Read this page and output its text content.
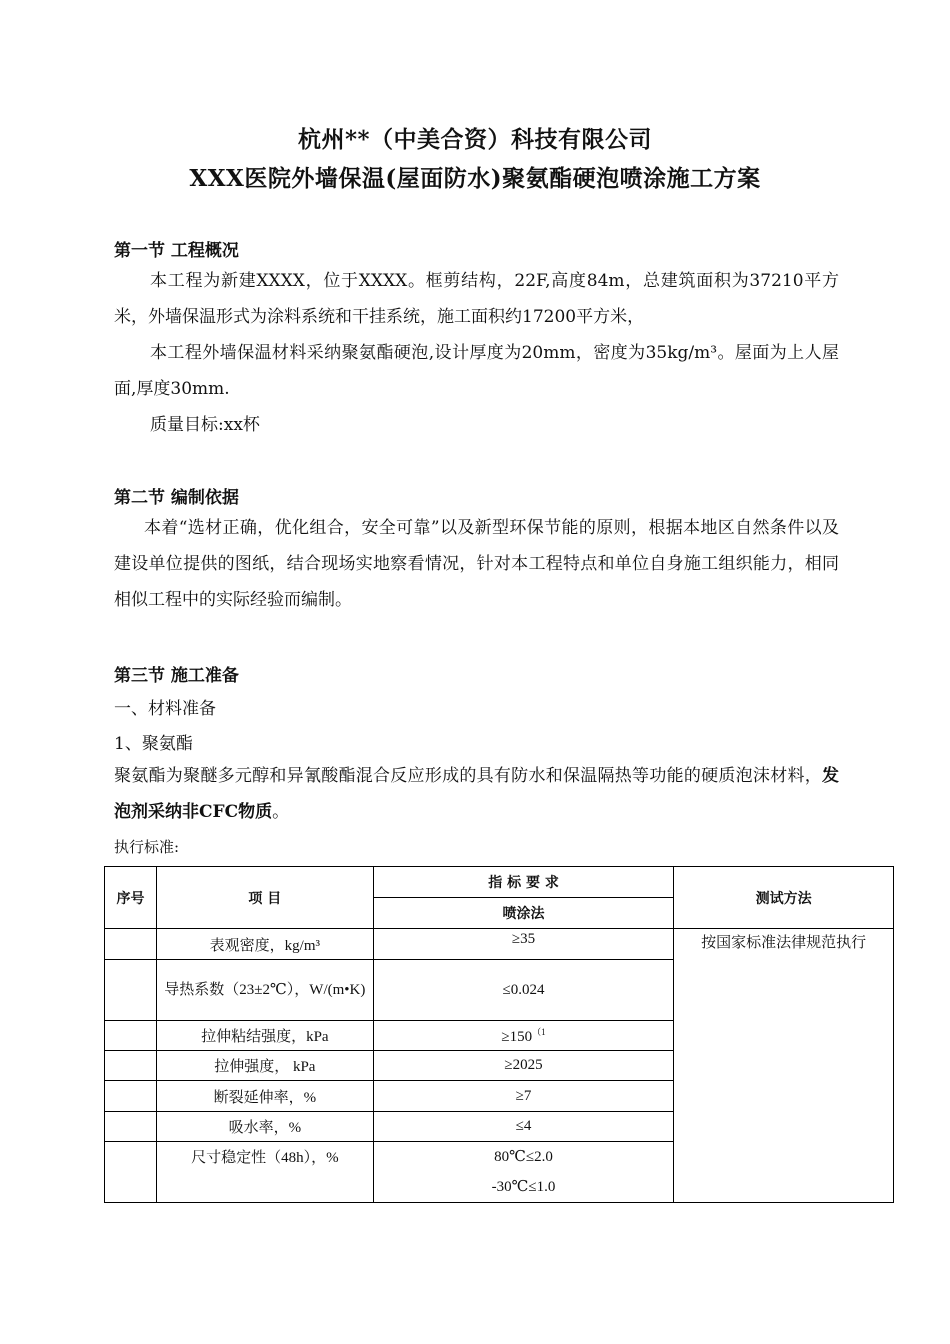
杭州**（中美合资）科技有限公司
XXX医院外墙保温(屋面防水)聚氨酯硬泡喷涂施工方案
第一节 工程概况
本工程为新建XXXX，位于XXXX。框剪结构，22F,高度84m，总建筑面积为37210平方米，外墙保温形式为涂料系统和干挂系统，施工面积约17200平方米，
本工程外墙保温材料采纳聚氨酯硬泡,设计厚度为20mm，密度为35kg/m³。屋面为上人屋面,厚度30mm.
质量目标:xx杯
第二节 编制依据
本着“选材正确，优化组合，安全可靠”以及新型环保节能的原则，根据本地区自然条件以及建设单位提供的图纸，结合现场实地察看情况，针对本工程特点和单位自身施工组织能力，相同相似工程中的实际经验而编制。
第三节 施工准备
一、材料准备
1、聚氨酯
聚氨酯为聚醚多元醇和异氰酸酯混合反应形成的具有防水和保温隔热等功能的硬质泡沫材料，发泡剂采纳非CFC物质。
执行标准:
序号	项 目	指 标 要 求	测试方法
		喷涂法	
	表观密度，kg/m³	≥35	按国家标准法律规范执行
	导热系数（23±2℃），W/(m•K)	≤0.024	
	拉伸粘结强度，kPa	$\ge 150^{(1}$
	拉伸强度， kPa	≥2025	
	断裂延伸率，%	≥7	
	吸水率，%	≤4	
	尺寸稳定性（48h），%	80℃≤2.0
-30℃≤1.0	
